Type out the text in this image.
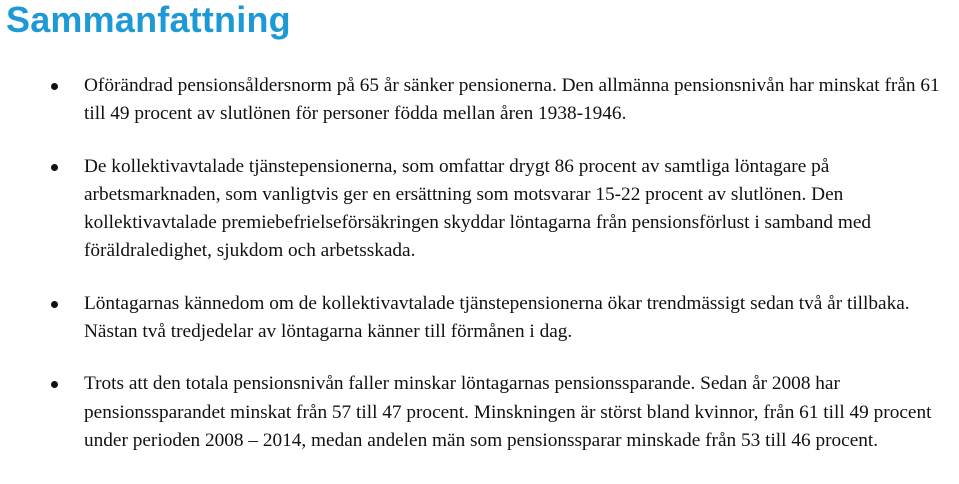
Sammanfattning
Oförändrad pensionsåldersnorm på 65 år sänker pensionerna. Den allmänna pensionsnivån har minskat från 61 till 49 procent av slutlönen för personer födda mellan åren 1938-1946.
De kollektivavtalade tjänstepensionerna, som omfattar drygt 86 procent av samtliga löntagare på arbetsmarknaden, som vanligtvis ger en ersättning som motsvarar 15-22 procent av slutlönen. Den kollektivavtalade premiebefrielseförsäkringen skyddar löntagarna från pensionsförlust i samband med föräldraledighet, sjukdom och arbetsskada.
Löntagarnas kännedom om de kollektivavtalade tjänstepensionerna ökar trendmässigt sedan två år tillbaka. Nästan två tredjedelar av löntagarna känner till förmånen i dag.
Trots att den totala pensionsnivån faller minskar löntagarnas pensionssparande. Sedan år 2008 har pensionssparandet minskat från 57 till 47 procent. Minskningen är störst bland kvinnor, från 61 till 49 procent under perioden 2008 – 2014, medan andelen män som pensionssparar minskade från 53 till 46 procent.
